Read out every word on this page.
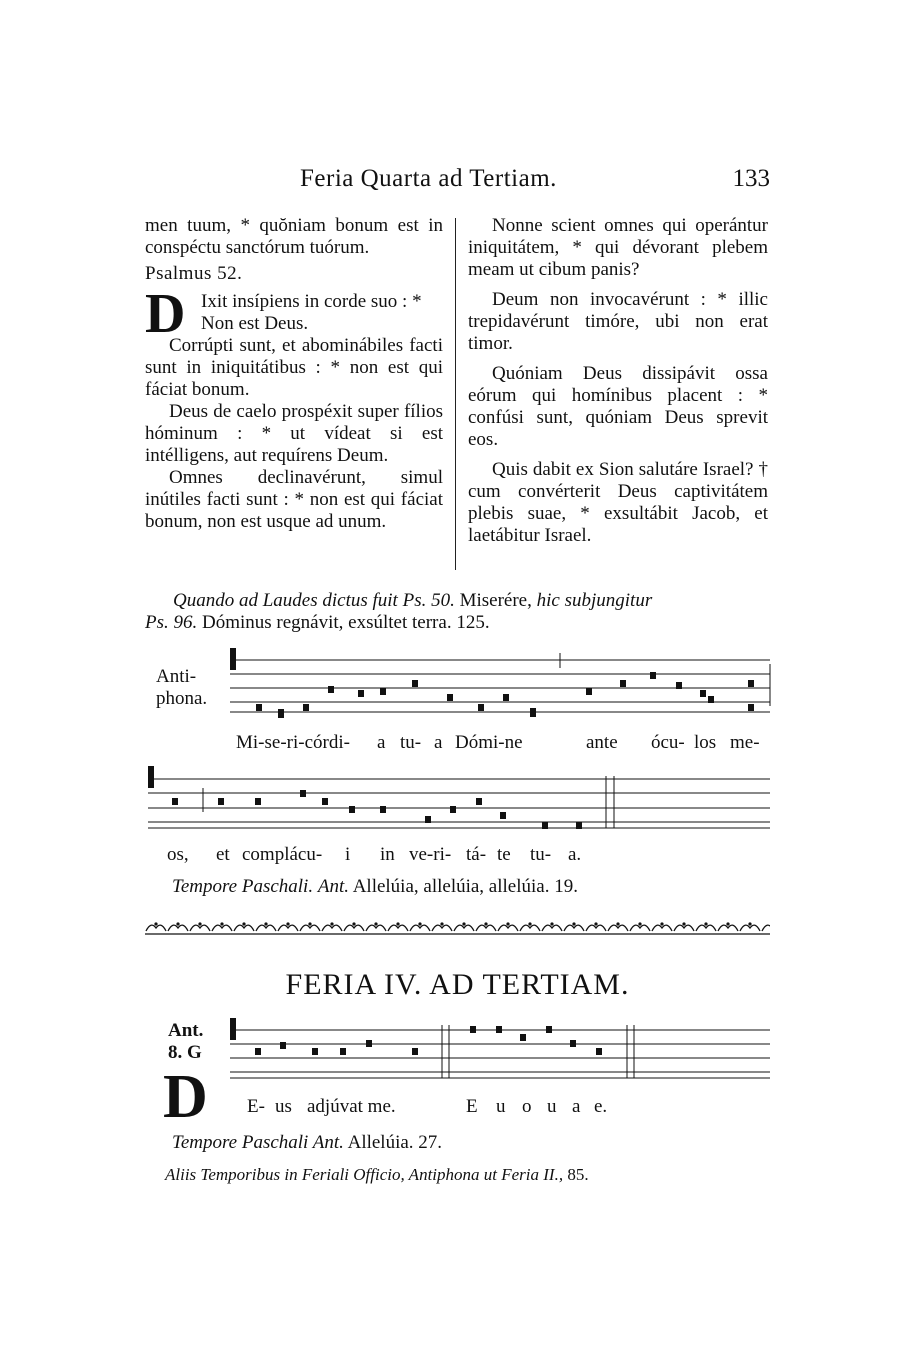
Feria Quarta ad Tertiam.	133

men tuum, * quŏniam bonum est in conspéctu sanctórum tuórum.

Psalmus 52.

D Ixit insípiens in corde suo : *
Non est Deus.

Corrúpti sunt, et abominábiles facti sunt in iniquitátibus : * non est qui fáciat bonum.

Deus de caelo prospéxit super fílios hóminum : * ut vídeat si est intélligens, aut requírens Deum.

Omnes declinavérunt, simul inútiles facti sunt : * non est qui fáciat bonum, non est usque ad unum.

Nonne scient omnes qui operántur iniquitátem, * qui dévorant plebem meam ut cibum panis?

Deum non invocavérunt : * illic trepidavérunt timóre, ubi non erat timor.

Quóniam Deus dissipávit ossa eórum qui homínibus placent : * confúsi sunt, quóniam Deus sprevit eos.

Quis dabit ex Sion salutáre Israel? † cum convérterit Deus captivitátem plebis suae, * exsultábit Jacob, et laetábitur Israel.

Quando ad Laudes dictus fuit Ps. 50. Miserére, hic subjungitur
Ps. 96. Dóminus regnávit, exsúltet terra. 125.
Anti-
phona.
Mi-se-ri-córdi- a tu- a Dómi-ne	ante ócu- los me-
os, et complácu- i in ve-ri- tá- te tu- a.
Tempore Paschali. Ant. Allelúia, allelúia, allelúia. 19.
FERIA IV. AD TERTIAM.
Ant.
8. G
D E- us adjúvat me.	E u o u a e.
Tempore Paschali Ant. Allelúia. 27.
Aliis Temporibus in Feriali Officio, Antiphona ut Feria II., 85.
